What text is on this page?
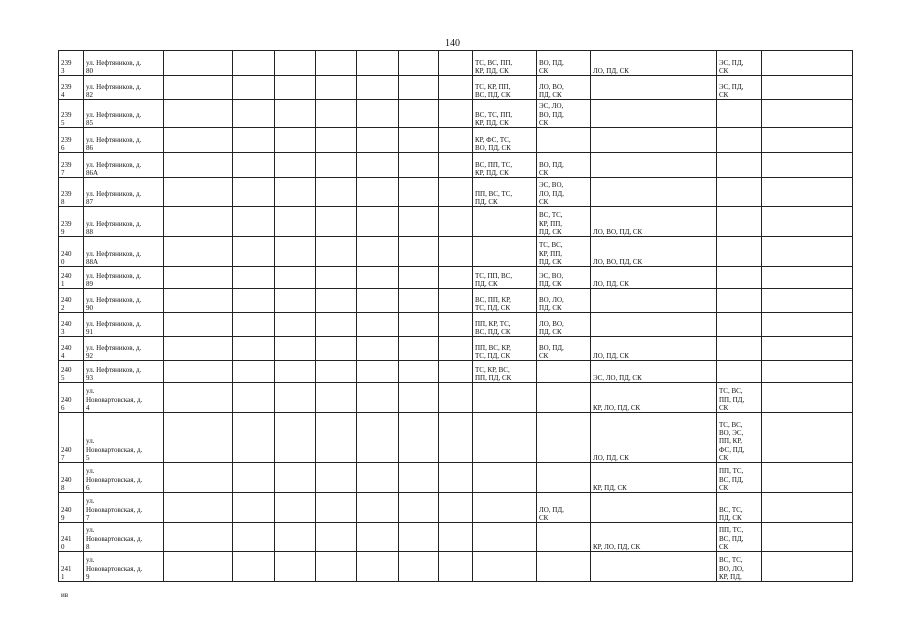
140
239
3	ул. Нефтяников, д.
80								ТС, ВС, ПП,
КР, ПД, СК	ВО, ПД,
СК	ЛО, ПД, СК	ЭС, ПД,
СК	
239
4	ул. Нефтяников, д.
82								ТС, КР, ПП,
ВС, ПД, СК	ЛО, ВО,
ПД, СК		ЭС, ПД,
СК	
239
5	ул. Нефтяников, д.
85								ВС, ТС, ПП,
КР, ПД, СК	ЭС, ЛО,
ВО, ПД,
СК			
239
6	ул. Нефтяников, д.
86								КР, ФС, ТС,
ВО, ПД, СК				
239
7	ул. Нефтяников, д.
86А								ВС, ПП, ТС,
КР, ПД, СК	ВО, ПД,
СК			
239
8	ул. Нефтяников, д.
87								ПП, ВС, ТС,
ПД, СК	ЭС, ВО,
ЛО, ПД,
СК			
239
9	ул. Нефтяников, д.
88									ВС, ТС,
КР, ПП,
ПД, СК	ЛО, ВО, ПД, СК		
240
0	ул. Нефтяников, д.
88А									ТС, ВС,
КР, ПП,
ПД, СК	ЛО, ВО, ПД, СК		
240
1	ул. Нефтяников, д.
89								ТС, ПП, ВС,
ПД, СК	ЭС, ВО,
ПД, СК	ЛО, ПД, СК		
240
2	ул. Нефтяников, д.
90								ВС, ПП, КР,
ТС, ПД, СК	ВО, ЛО,
ПД, СК			
240
3	ул. Нефтяников, д.
91								ПП, КР, ТС,
ВС, ПД, СК	ЛО, ВО,
ПД, СК			
240
4	ул. Нефтяников, д.
92								ПП, ВС, КР,
ТС, ПД, СК	ВО, ПД,
СК	ЛО, ПД, СК		
240
5	ул. Нефтяников, д.
93								ТС, КР, ВС,
ПП, ПД, СК		ЭС, ЛО, ПД, СК		
240
6	ул.
Нововартовская, д.
4										КР, ЛО, ПД, СК	ТС, ВС,
ПП, ПД,
СК	
240
7	ул.
Нововартовская, д.
5										ЛО, ПД, СК	ТС, ВС,
ВО, ЭС,
ПП, КР,
ФС, ПД,
СК	
240
8	ул.
Нововартовская, д.
6										КР, ПД, СК	ПП, ТС,
ВС, ПД,
СК	
240
9	ул.
Нововартовская, д.
7									ЛО, ПД,
СК		ВС, ТС,
ПД, СК	
241
0	ул.
Нововартовская, д.
8										КР, ЛО, ПД, СК	ПП, ТС,
ВС, ПД,
СК	
241
1	ул.
Нововартовская, д.
9											ВС, ТС,
ВО, ЛО,
КР, ПД,	
ив
